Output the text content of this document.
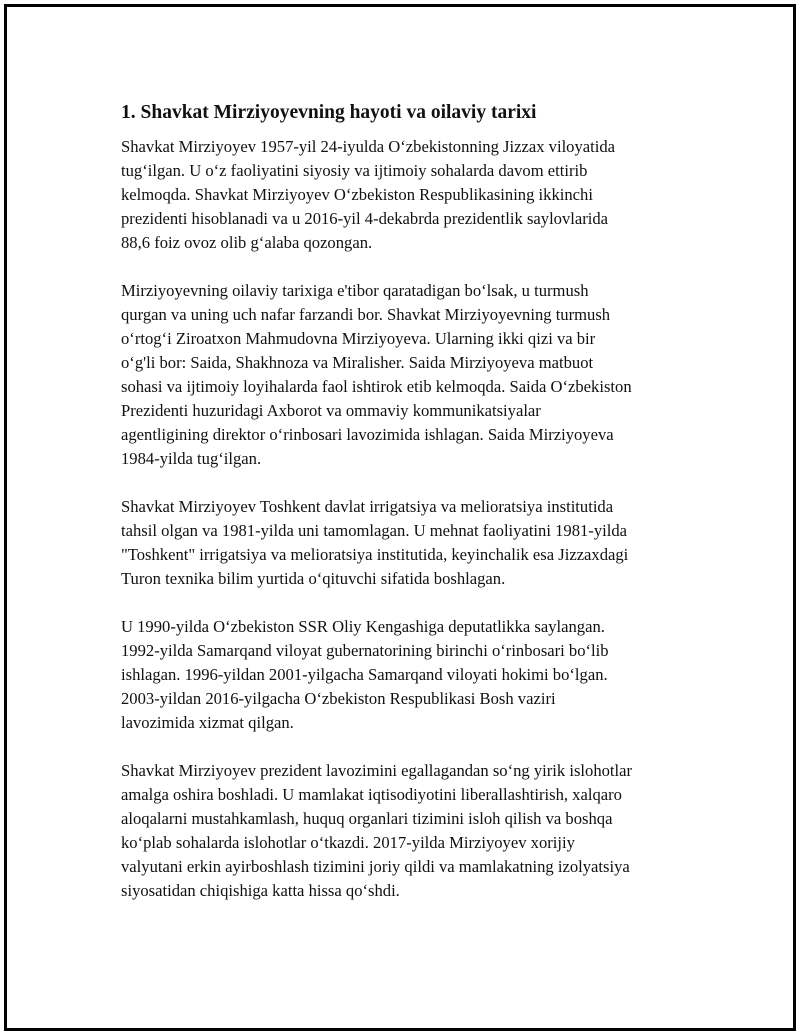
1. Shavkat Mirziyoyevning hayoti va oilaviy tarixi

Shavkat Mirziyoyev 1957-yil 24-iyulda O‘zbekistonning Jizzax viloyatida
tug‘ilgan. U o‘z faoliyatini siyosiy va ijtimoiy sohalarda davom ettirib
kelmoqda. Shavkat Mirziyoyev O‘zbekiston Respublikasining ikkinchi
prezidenti hisoblanadi va u 2016-yil 4-dekabrda prezidentlik saylovlarida
88,6 foiz ovoz olib g‘alaba qozongan.

Mirziyoyevning oilaviy tarixiga e'tibor qaratadigan bo‘lsak, u turmush
qurgan va uning uch nafar farzandi bor. Shavkat Mirziyoyevning turmush
o‘rtog‘i Ziroatxon Mahmudovna Mirziyoyeva. Ularning ikki qizi va bir
o‘g'li bor: Saida, Shakhnoza va Miralisher. Saida Mirziyoyeva matbuot
sohasi va ijtimoiy loyihalarda faol ishtirok etib kelmoqda. Saida O‘zbekiston
Prezidenti huzuridagi Axborot va ommaviy kommunikatsiyalar
agentligining direktor o‘rinbosari lavozimida ishlagan. Saida Mirziyoyeva
1984-yilda tug‘ilgan.

Shavkat Mirziyoyev Toshkent davlat irrigatsiya va melioratsiya institutida
tahsil olgan va 1981-yilda uni tamomlagan. U mehnat faoliyatini 1981-yilda
"Toshkent" irrigatsiya va melioratsiya institutida, keyinchalik esa Jizzaxdagi
Turon texnika bilim yurtida o‘qituvchi sifatida boshlagan.

U 1990-yilda O‘zbekiston SSR Oliy Kengashiga deputatlikka saylangan.
1992-yilda Samarqand viloyat gubernatorining birinchi o‘rinbosari bo‘lib
ishlagan. 1996-yildan 2001-yilgacha Samarqand viloyati hokimi bo‘lgan.
2003-yildan 2016-yilgacha O‘zbekiston Respublikasi Bosh vaziri
lavozimida xizmat qilgan.

Shavkat Mirziyoyev prezident lavozimini egallagandan so‘ng yirik islohotlar
amalga oshira boshladi. U mamlakat iqtisodiyotini liberallashtirish, xalqaro
aloqalarni mustahkamlash, huquq organlari tizimini isloh qilish va boshqa
ko‘plab sohalarda islohotlar o‘tkazdi. 2017-yilda Mirziyoyev xorijiy
valyutani erkin ayirboshlash tizimini joriy qildi va mamlakatning izolyatsiya
siyosatidan chiqishiga katta hissa qo‘shdi.
